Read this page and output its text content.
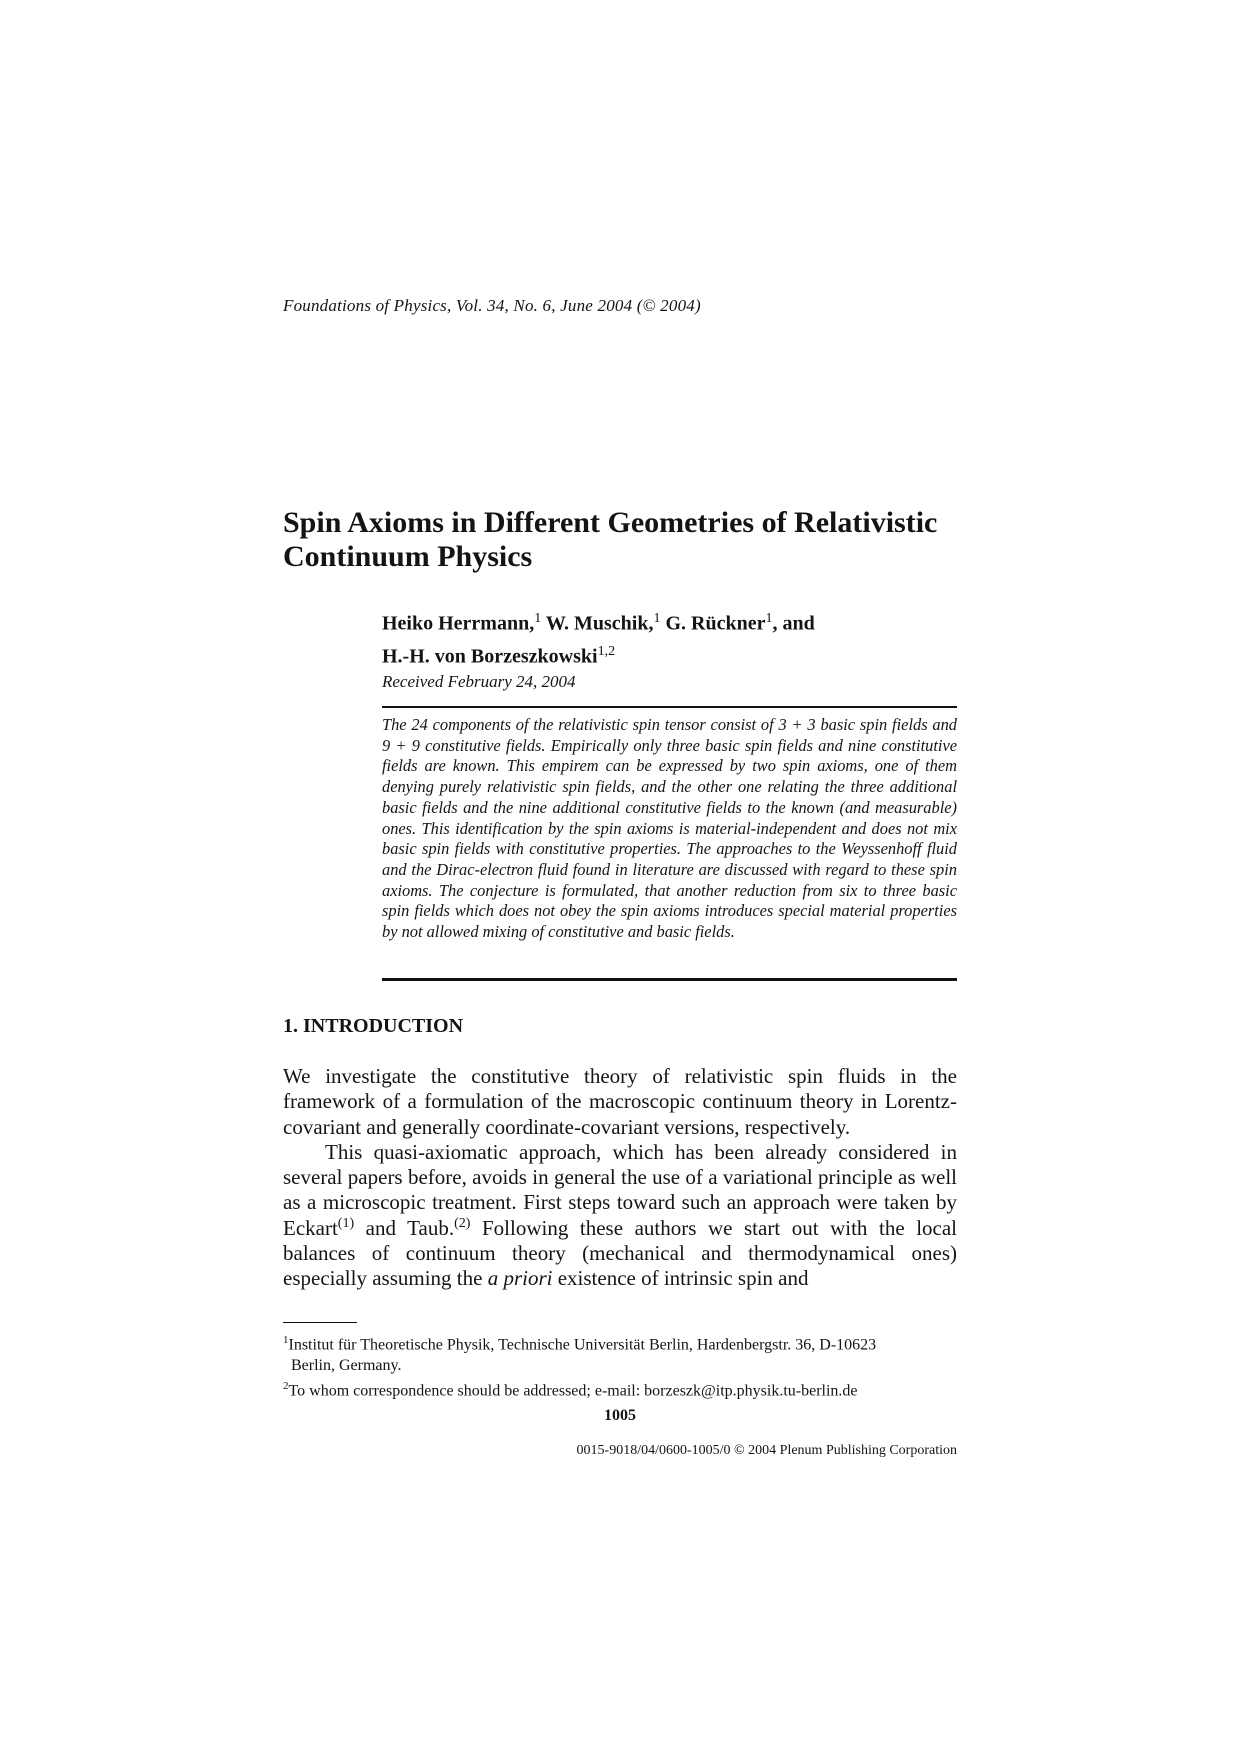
Foundations of Physics, Vol. 34, No. 6, June 2004 (© 2004)
Spin Axioms in Different Geometries of Relativistic
Continuum Physics
Heiko Herrmann,$^1$ W. Muschik,$^1$ G. Rückner$^1$, and
H.-H. von Borzeszkowski$^{1,2}$
Received February 24, 2004

The 24 components of the relativistic spin tensor consist of 3 + 3 basic spin fields and 9 + 9 constitutive fields. Empirically only three basic spin fields and nine constitutive fields are known. This empirem can be expressed by two spin axioms, one of them denying purely relativistic spin fields, and the other one relating the three additional basic fields and the nine additional constitutive fields to the known (and measurable) ones. This identification by the spin axioms is material-independent and does not mix basic spin fields with constitutive properties. The approaches to the Weyssenhoff fluid and the Dirac-electron fluid found in literature are discussed with regard to these spin axioms. The conjecture is formulated, that another reduction from six to three basic spin fields which does not obey the spin axioms introduces special material properties by not allowed mixing of constitutive and basic fields.

1. INTRODUCTION

We investigate the constitutive theory of relativistic spin fluids in the framework of a formulation of the macroscopic continuum theory in Lorentz-covariant and generally coordinate-covariant versions, respectively.

This quasi-axiomatic approach, which has been already considered in several papers before, avoids in general the use of a variational principle as well as a microscopic treatment. First steps toward such an approach were taken by Eckart$^{(1)}$ and Taub.$^{(2)}$ Following these authors we start out with the local balances of continuum theory (mechanical and thermodynamical ones) especially assuming the a priori existence of intrinsic spin and

$^1$Institut für Theoretische Physik, Technische Universität Berlin, Hardenbergstr. 36, D-10623
Berlin, Germany.

$^2$To whom correspondence should be addressed; e-mail: borzeszk@itp.physik.tu-berlin.de

1005
0015-9018/04/0600-1005/0 © 2004 Plenum Publishing Corporation
